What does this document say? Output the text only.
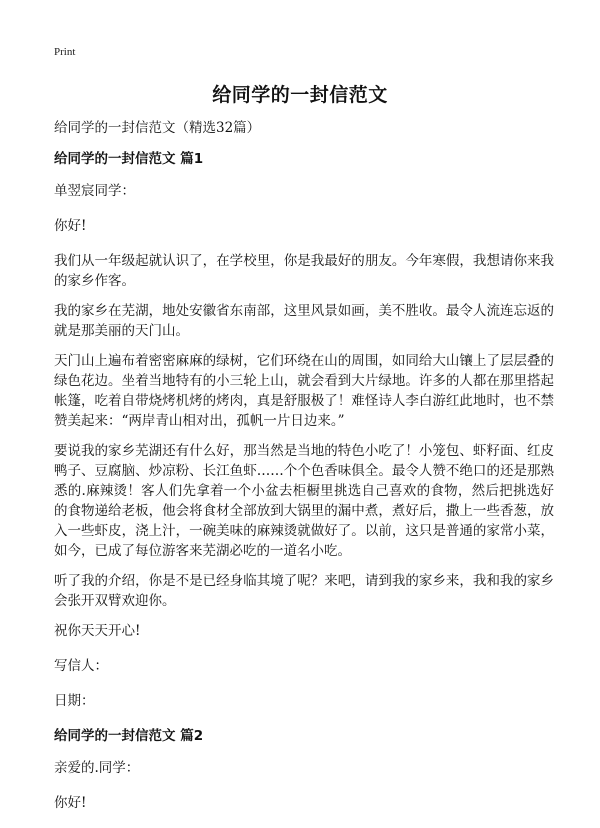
Print
给同学的一封信范文

给同学的一封信范文（精选32篇）

给同学的一封信范文 篇1

单翌宸同学：

你好!

我们从一年级起就认识了，在学校里，你是我最好的朋友。今年寒假，我想请你来我的家乡作客。

我的家乡在芜湖，地处安徽省东南部，这里风景如画，美不胜收。最令人流连忘返的就是那美丽的天门山。

天门山上遍布着密密麻麻的绿树，它们环绕在山的周围，如同给大山镶上了层层叠的绿色花边。坐着当地特有的小三轮上山，就会看到大片绿地。许多的人都在那里搭起帐篷，吃着自带烧烤机烤的烤肉，真是舒服极了！难怪诗人李白游红此地时，也不禁赞美起来：“两岸青山相对出，孤帆一片日边来。”

要说我的家乡芜湖还有什么好，那当然是当地的特色小吃了！小笼包、虾籽面、红皮鸭子、豆腐脑、炒凉粉、长江鱼虾……个个色香味俱全。最令人赞不绝口的还是那熟悉的.麻辣烫！客人们先拿着一个小盆去柜橱里挑选自己喜欢的食物，然后把挑选好的食物递给老板，他会将食材全部放到大锅里的漏中煮，煮好后，撒上一些香葱，放入一些虾皮，浇上汁，一碗美味的麻辣烫就做好了。以前，这只是普通的家常小菜，如今，已成了每位游客来芜湖必吃的一道名小吃。

听了我的介绍，你是不是已经身临其境了呢？来吧，请到我的家乡来，我和我的家乡会张开双臂欢迎你。

祝你天天开心!

写信人：

日期：

给同学的一封信范文 篇2

亲爱的.同学：

你好!
